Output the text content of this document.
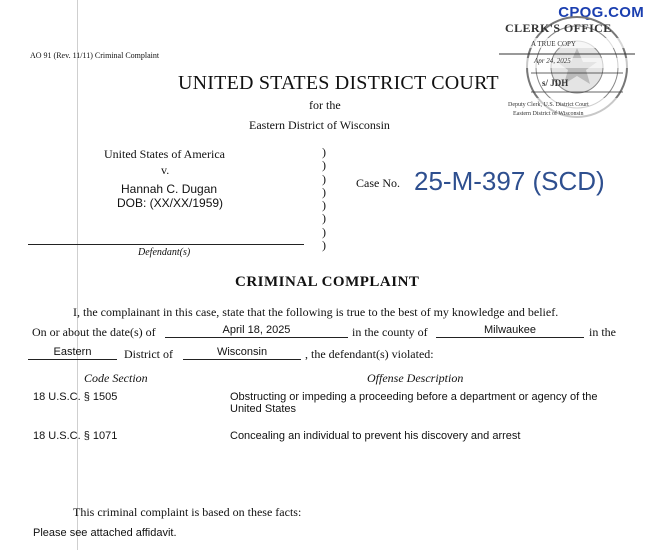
CPQG.COM
AO 91 (Rev. 11/11) Criminal Complaint
UNITED STATES DISTRICT COURT
for the
Eastern District of Wisconsin
CLERK'S OFFICE
A TRUE COPY
Apr 24, 2025
s/ JDH
Deputy Clerk, U.S. District Court
Eastern District of Wisconsin
United States of America
v.
Hannah C. Dugan
DOB: (XX/XX/1959)
)
)
)
)
)
)
)
)
Case No. 25-M-397 (SCD)
Defendant(s)
CRIMINAL COMPLAINT
I, the complainant in this case, state that the following is true to the best of my knowledge and belief.
On or about the date(s) of	April 18, 2025	in the county of	Milwaukee	in the
Eastern	District of	Wisconsin	, the defendant(s) violated:
Code Section	Offense Description
18 U.S.C. § 1505	Obstructing or impeding a proceeding before a department or agency of the United States
18 U.S.C. § 1071	Concealing an individual to prevent his discovery and arrest
This criminal complaint is based on these facts:
Please see attached affidavit.
